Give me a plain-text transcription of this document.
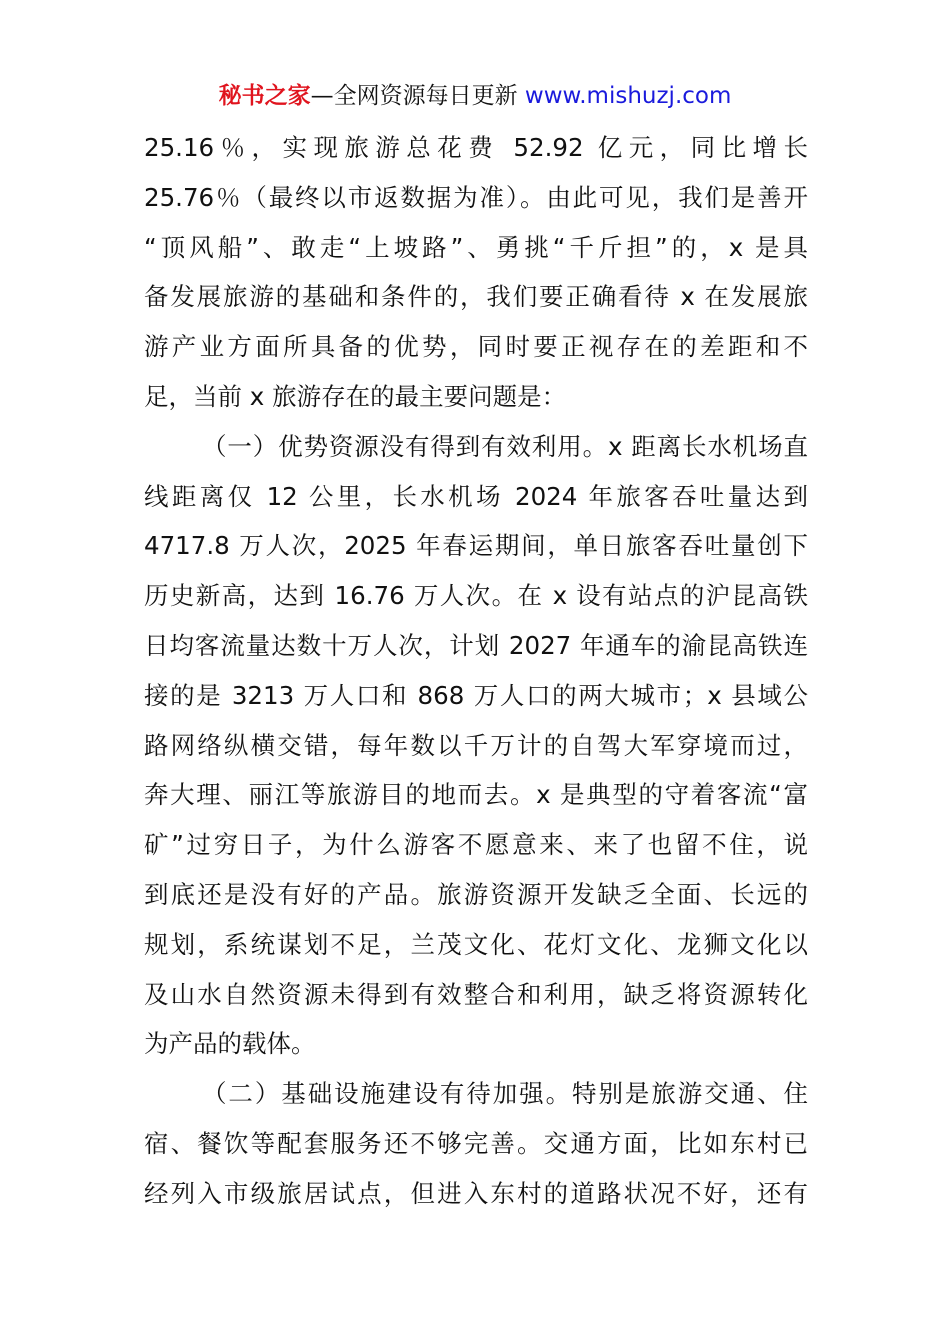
秘书之家—全网资源每日更新 www.mishuzj.com
25.16％，实现旅游总花费 52.92 亿元，同比增长
25.76％（最终以市返数据为准）。由此可见，我们是善开
“顶风船”、敢走“上坡路”、勇挑“千斤担”的，x 是具
备发展旅游的基础和条件的，我们要正确看待 x 在发展旅
游产业方面所具备的优势，同时要正视存在的差距和不
足，当前 x 旅游存在的最主要问题是：
（一）优势资源没有得到有效利用。x 距离长水机场直
线距离仅 12 公里，长水机场 2024 年旅客吞吐量达到
4717.8 万人次，2025 年春运期间，单日旅客吞吐量创下
历史新高，达到 16.76 万人次。在 x 设有站点的沪昆高铁
日均客流量达数十万人次，计划 2027 年通车的渝昆高铁连
接的是 3213 万人口和 868 万人口的两大城市；x 县域公
路网络纵横交错，每年数以千万计的自驾大军穿境而过，
奔大理、丽江等旅游目的地而去。x 是典型的守着客流“富
矿”过穷日子，为什么游客不愿意来、来了也留不住，说
到底还是没有好的产品。旅游资源开发缺乏全面、长远的
规划，系统谋划不足，兰茂文化、花灯文化、龙狮文化以
及山水自然资源未得到有效整合和利用，缺乏将资源转化
为产品的载体。
（二）基础设施建设有待加强。特别是旅游交通、住
宿、餐饮等配套服务还不够完善。交通方面，比如东村已
经列入市级旅居试点，但进入东村的道路状况不好，还有
